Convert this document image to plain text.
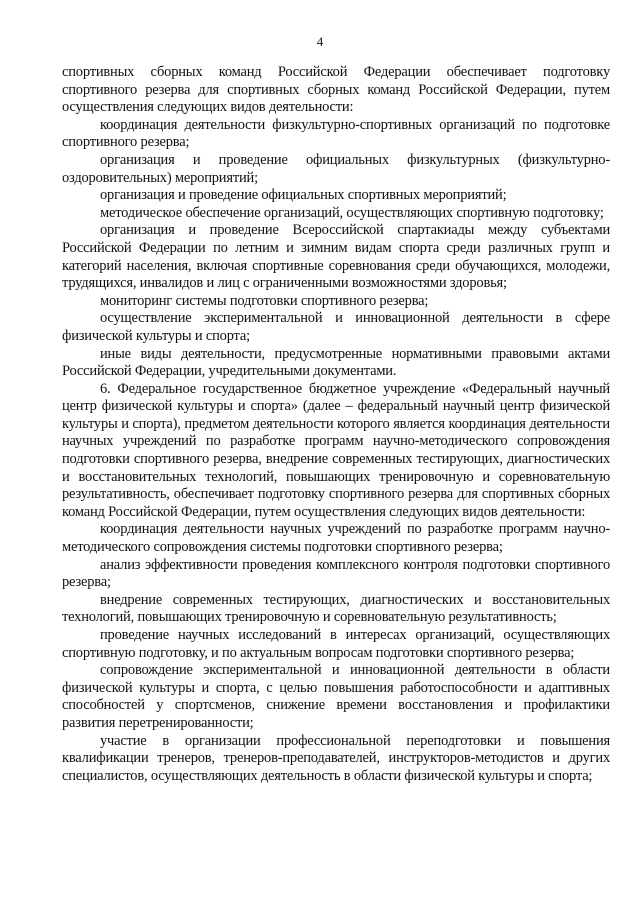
4

спортивных сборных команд Российской Федерации обеспечивает подготовку спортивного резерва для спортивных сборных команд Российской Федерации, путем осуществления следующих видов деятельности:

координация деятельности физкультурно-спортивных организаций по подготовке спортивного резерва;

организация и проведение официальных физкультурных (физкультурно-оздоровительных) мероприятий;

организация и проведение официальных спортивных мероприятий;

методическое обеспечение организаций, осуществляющих спортивную подготовку;

организация и проведение Всероссийской спартакиады между субъектами Российской Федерации по летним и зимним видам спорта среди различных групп и категорий населения, включая спортивные соревнования среди обучающихся, молодежи, трудящихся, инвалидов и лиц с ограниченными возможностями здоровья;

мониторинг системы подготовки спортивного резерва;

осуществление экспериментальной и инновационной деятельности в сфере физической культуры и спорта;

иные виды деятельности, предусмотренные нормативными правовыми актами Российской Федерации, учредительными документами.

6. Федеральное государственное бюджетное учреждение «Федеральный научный центр физической культуры и спорта» (далее – федеральный научный центр физической культуры и спорта), предметом деятельности которого является координация деятельности научных учреждений по разработке программ научно-методического сопровождения подготовки спортивного резерва, внедрение современных тестирующих, диагностических и восстановительных технологий, повышающих тренировочную и соревновательную результативность, обеспечивает подготовку спортивного резерва для спортивных сборных команд Российской Федерации, путем осуществления следующих видов деятельности:

координация деятельности научных учреждений по разработке программ научно-методического сопровождения системы подготовки спортивного резерва;

анализ эффективности проведения комплексного контроля подготовки спортивного резерва;

внедрение современных тестирующих, диагностических и восстановительных технологий, повышающих тренировочную и соревновательную результативность;

проведение научных исследований в интересах организаций, осуществляющих спортивную подготовку, и по актуальным вопросам подготовки спортивного резерва;

сопровождение экспериментальной и инновационной деятельности в области физической культуры и спорта, с целью повышения работоспособности и адаптивных способностей у спортсменов, снижение времени восстановления и профилактики развития перетренированности;

участие в организации профессиональной переподготовки и повышения квалификации тренеров, тренеров-преподавателей, инструкторов-методистов и других специалистов, осуществляющих деятельность в области физической культуры и спорта;
